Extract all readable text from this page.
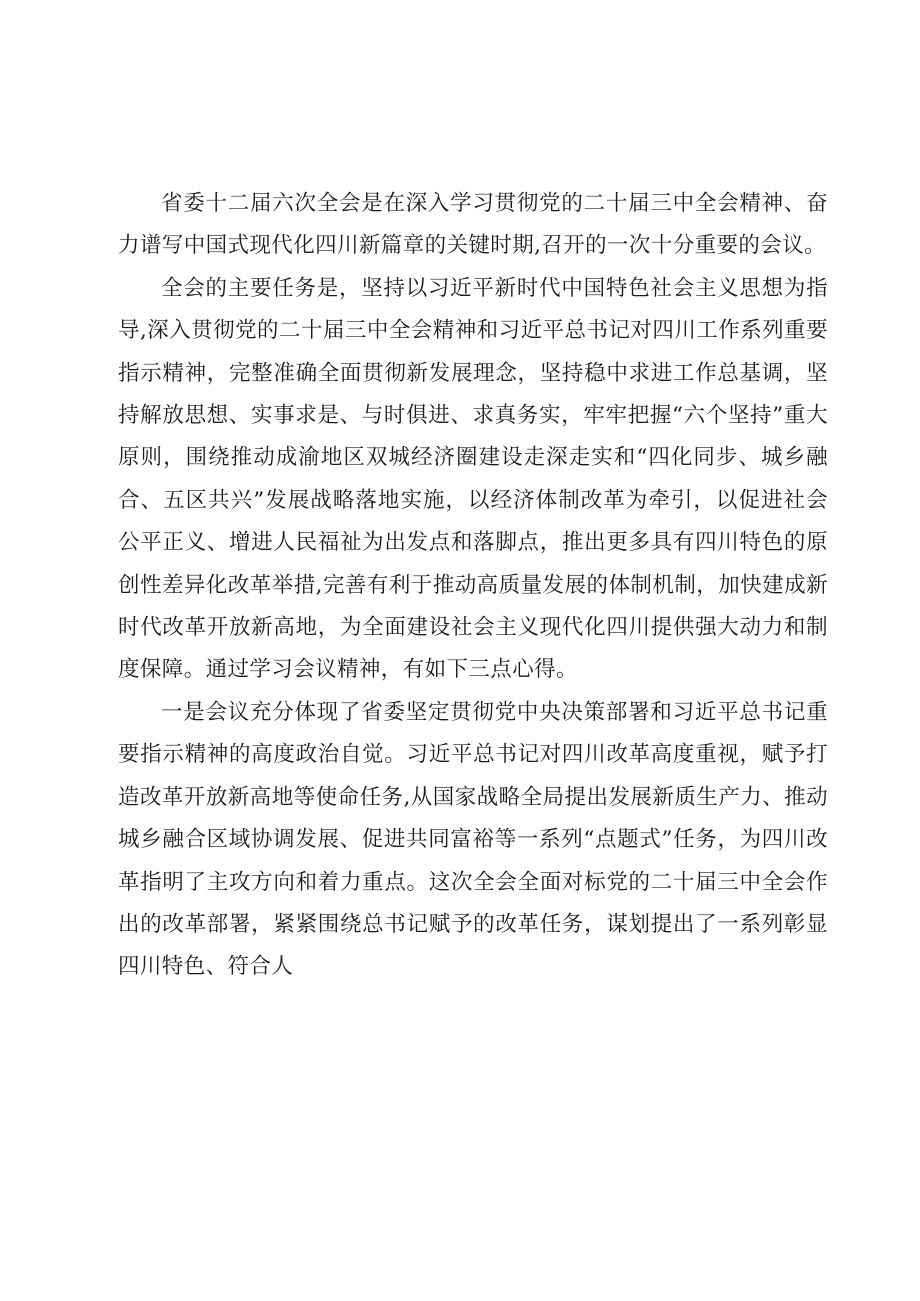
省委十二届六次全会是在深入学习贯彻党的二十届三中全会精神、奋力谱写中国式现代化四川新篇章的关键时期,召开的一次十分重要的会议。

全会的主要任务是，坚持以习近平新时代中国特色社会主义思想为指导,深入贯彻党的二十届三中全会精神和习近平总书记对四川工作系列重要指示精神，完整准确全面贯彻新发展理念，坚持稳中求进工作总基调，坚持解放思想、实事求是、与时俱进、求真务实，牢牢把握“六个坚持”重大原则，围绕推动成渝地区双城经济圈建设走深走实和“四化同步、城乡融合、五区共兴”发展战略落地实施，以经济体制改革为牵引，以促进社会公平正义、增进人民福祉为出发点和落脚点，推出更多具有四川特色的原创性差异化改革举措,完善有利于推动高质量发展的体制机制，加快建成新时代改革开放新高地，为全面建设社会主义现代化四川提供强大动力和制度保障。通过学习会议精神，有如下三点心得。

一是会议充分体现了省委坚定贯彻党中央决策部署和习近平总书记重要指示精神的高度政治自觉。习近平总书记对四川改革高度重视，赋予打造改革开放新高地等使命任务,从国家战略全局提出发展新质生产力、推动城乡融合区域协调发展、促进共同富裕等一系列“点题式”任务，为四川改革指明了主攻方向和着力重点。这次全会全面对标党的二十届三中全会作出的改革部署，紧紧围绕总书记赋予的改革任务，谋划提出了一系列彰显四川特色、符合人
